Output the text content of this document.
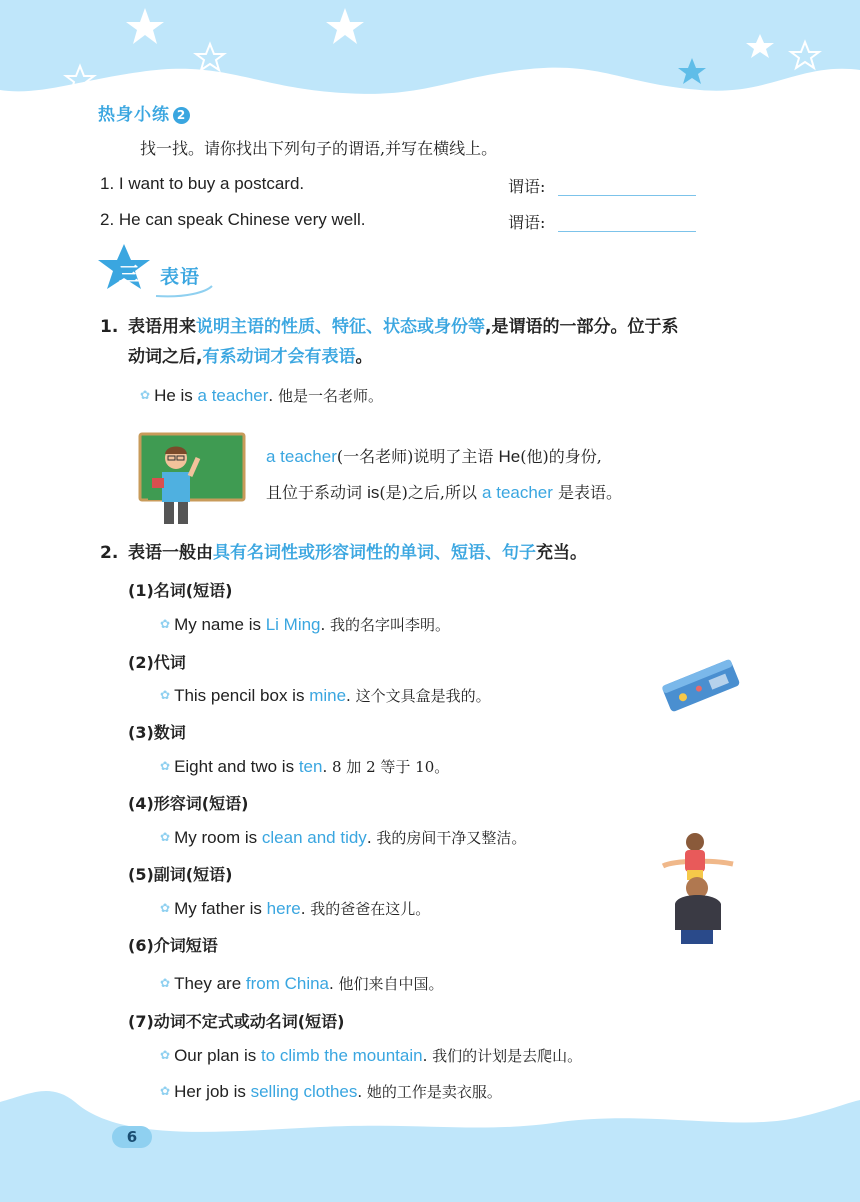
热身小练 2
找一找。请你找出下列句子的谓语,并写在横线上。
1. I want to buy a postcard.	谓语:
2. He can speak Chinese very well.	谓语:
三 表语
1. 表语用来说明主语的性质、特征、状态或身份等,是谓语的一部分。位于系
动词之后,有系动词才会有表语。
✿ He is a teacher. 他是一名老师。
a teacher(一名老师)说明了主语 He(他)的身份,
且位于系动词 is(是)之后,所以 a teacher 是表语。
2. 表语一般由具有名词性或形容词性的单词、短语、句子充当。
(1)名词(短语)
✿ My name is Li Ming. 我的名字叫李明。
(2)代词
✿ This pencil box is mine. 这个文具盒是我的。
(3)数词
✿ Eight and two is ten. 8 加 2 等于 10。
(4)形容词(短语)
✿ My room is clean and tidy. 我的房间干净又整洁。
(5)副词(短语)
✿ My father is here. 我的爸爸在这儿。
(6)介词短语
✿ They are from China. 他们来自中国。
(7)动词不定式或动名词(短语)
✿ Our plan is to climb the mountain. 我们的计划是去爬山。
✿ Her job is selling clothes. 她的工作是卖衣服。
6
